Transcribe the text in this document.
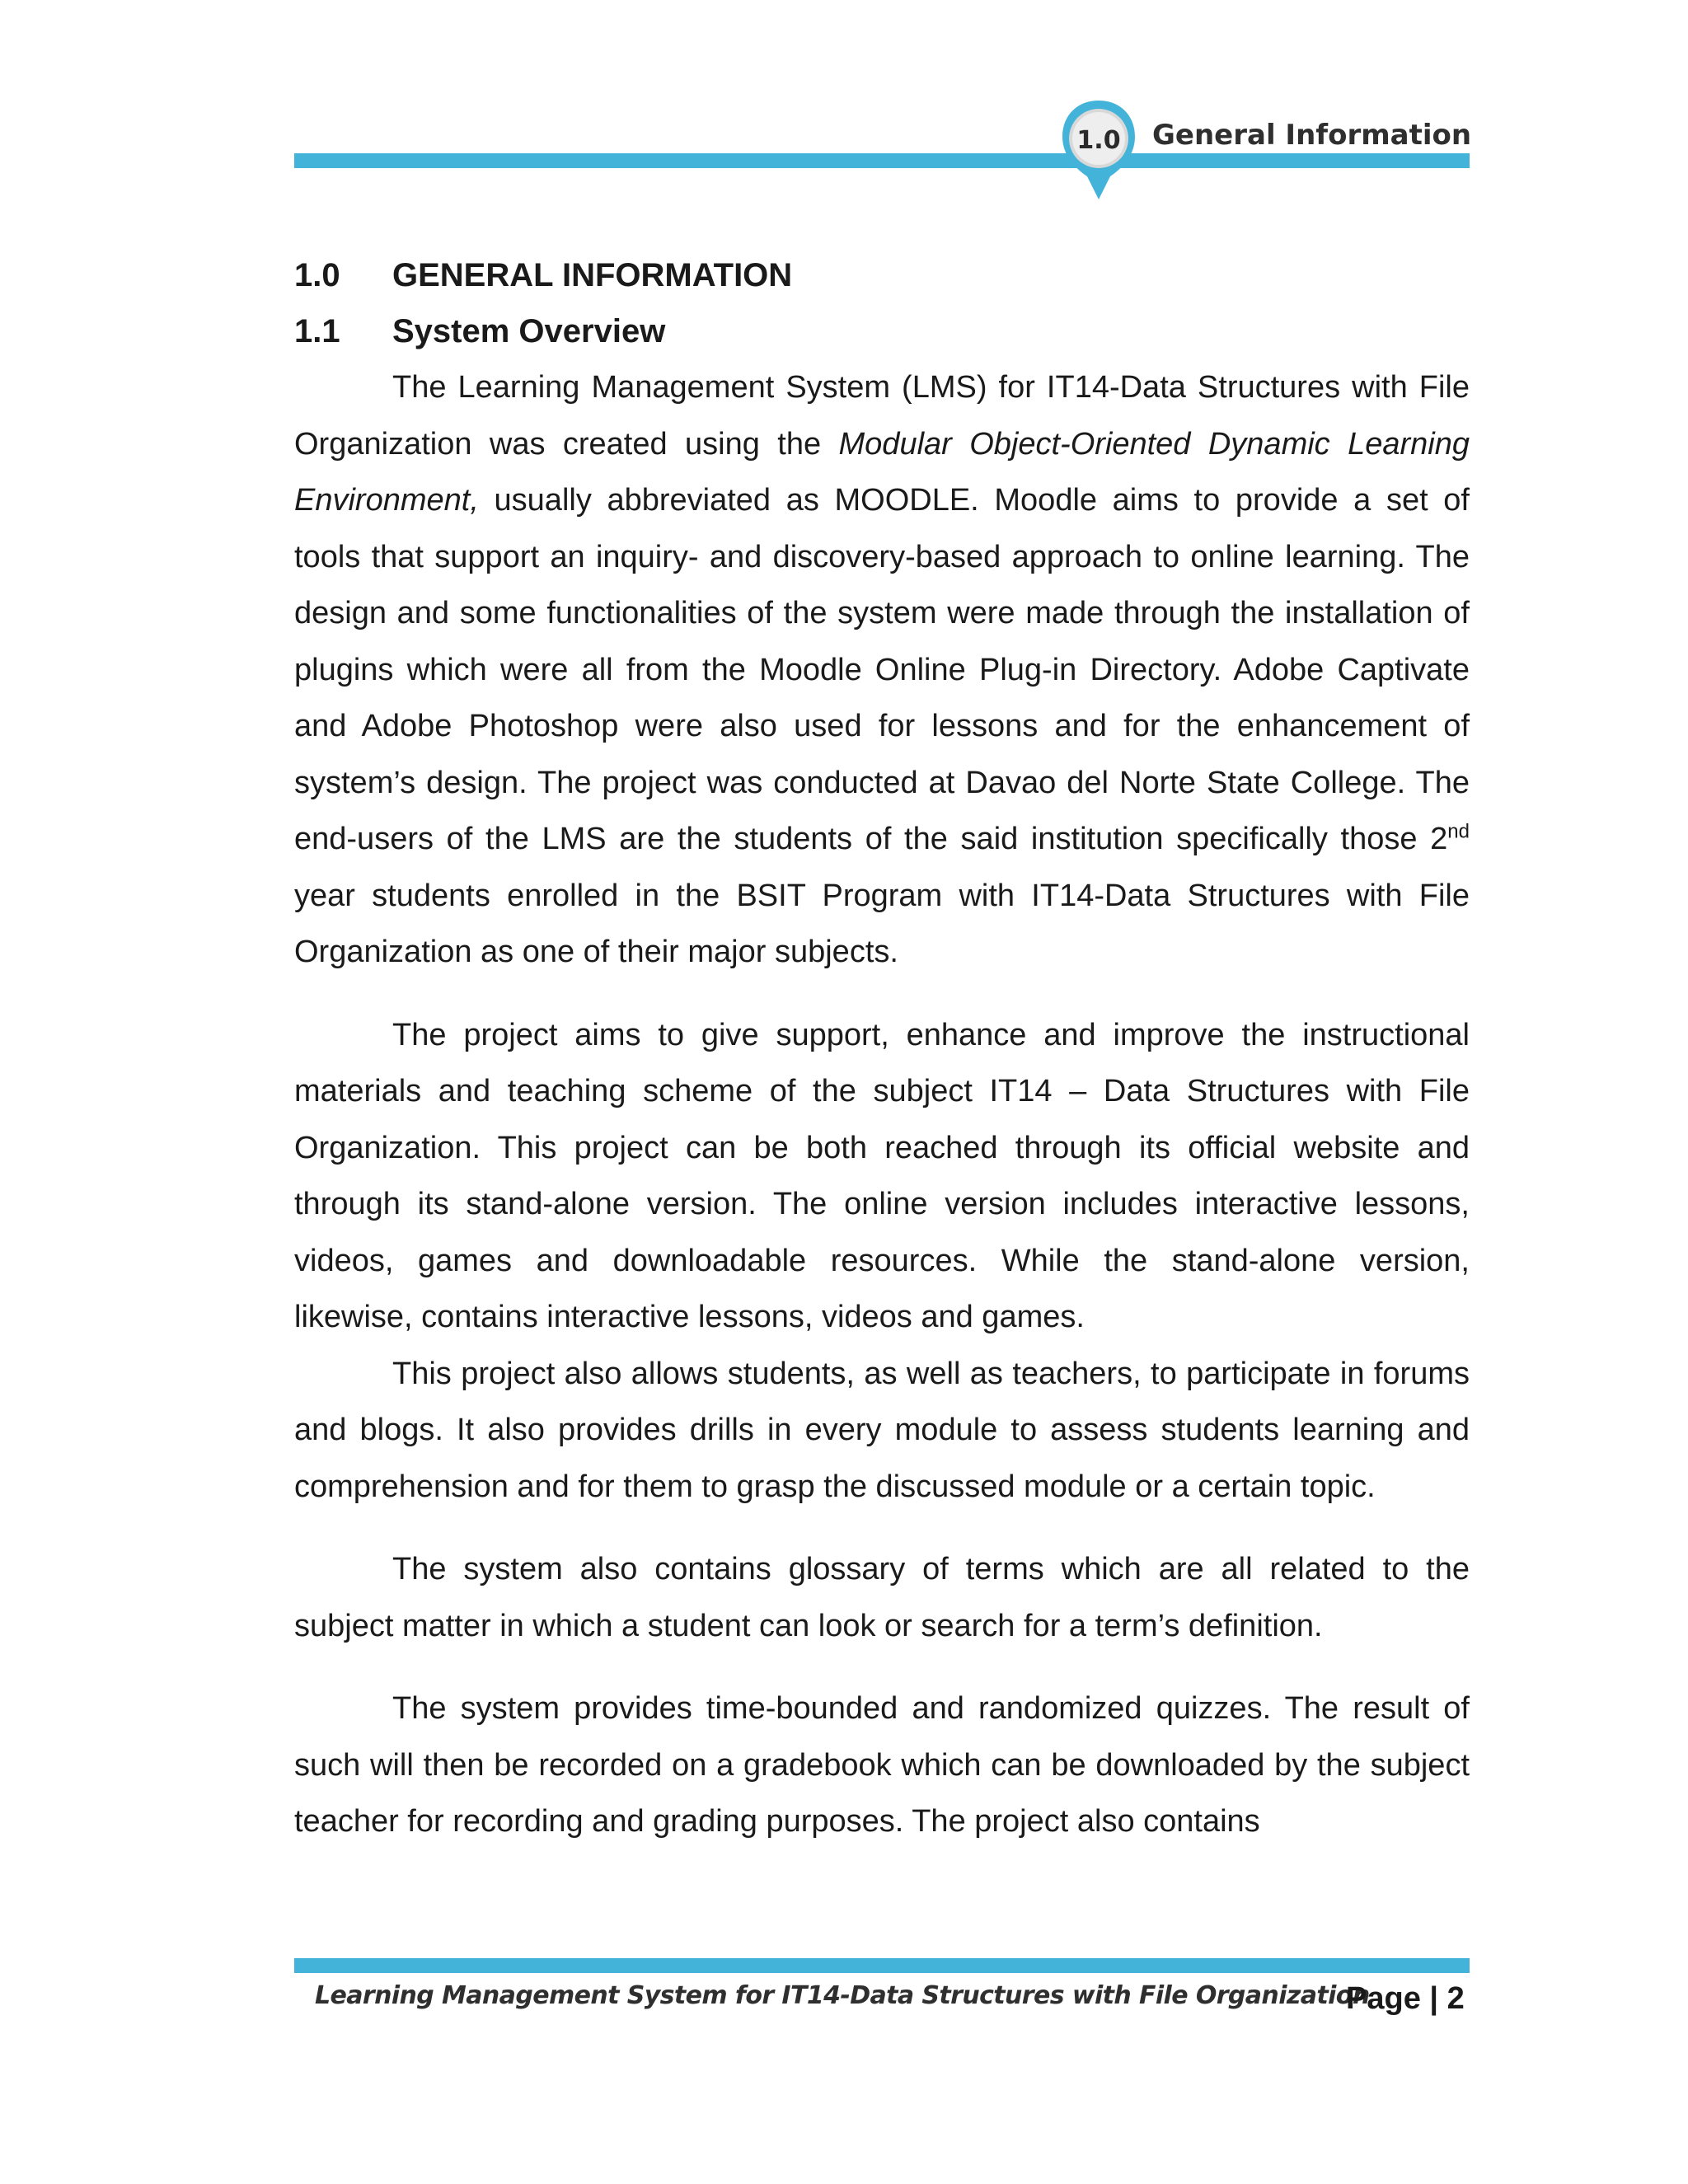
1.0 General Information
1.0	GENERAL INFORMATION
1.1	System Overview

The Learning Management System (LMS) for IT14-Data Structures with File Organization was created using the Modular Object-Oriented Dynamic Learning Environment, usually abbreviated as MOODLE. Moodle aims to provide a set of tools that support an inquiry- and discovery-based approach to online learning. The design and some functionalities of the system were made through the installation of plugins which were all from the Moodle Online Plug-in Directory. Adobe Captivate and Adobe Photoshop were also used for lessons and for the enhancement of system’s design. The project was conducted at Davao del Norte State College. The end-users of the LMS are the students of the said institution specifically those 2nd year students enrolled in the BSIT Program with IT14-Data Structures with File Organization as one of their major subjects.

The project aims to give support, enhance and improve the instructional materials and teaching scheme of the subject IT14 – Data Structures with File Organization. This project can be both reached through its official website and through its stand-alone version. The online version includes interactive lessons, videos, games and downloadable resources. While the stand-alone version, likewise, contains interactive lessons, videos and games.

This project also allows students, as well as teachers, to participate in forums and blogs. It also provides drills in every module to assess students learning and comprehension and for them to grasp the discussed module or a certain topic.

The system also contains glossary of terms which are all related to the subject matter in which a student can look or search for a term’s definition.

The system provides time-bounded and randomized quizzes. The result of such will then be recorded on a gradebook which can be downloaded by the subject teacher for recording and grading purposes. The project also contains

Learning Management System for IT14-Data Structures with File Organization
Page | 2
